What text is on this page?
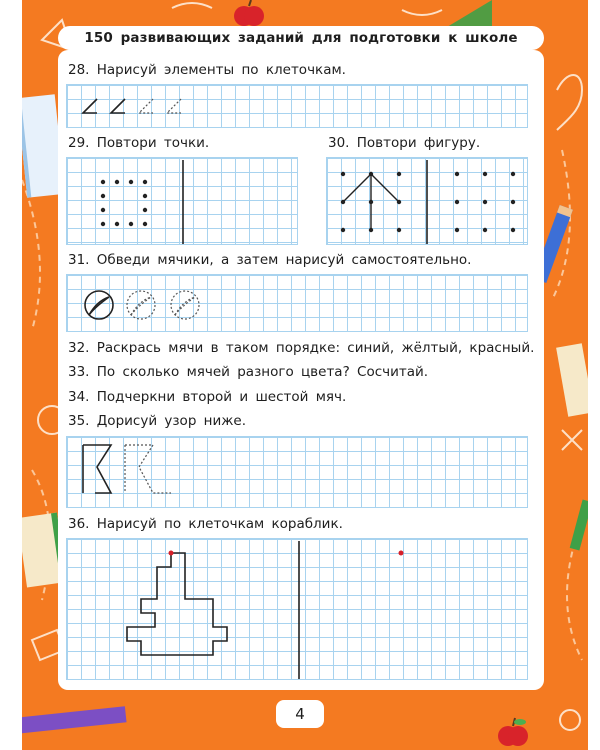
150 развивающих заданий для подготовки к школе
28. Нарисуй элементы по клеточкам.
29. Повтори точки.	30. Повтори фигуру.
31. Обведи мячики, а затем нарисуй самостоятельно.
32. Раскрась мячи в таком порядке: синий, жёлтый, красный.
33. По сколько мячей разного цвета? Сосчитай.
34. Подчеркни второй и шестой мяч.
35. Дорисуй узор ниже.
36. Нарисуй по клеточкам кораблик.
4
